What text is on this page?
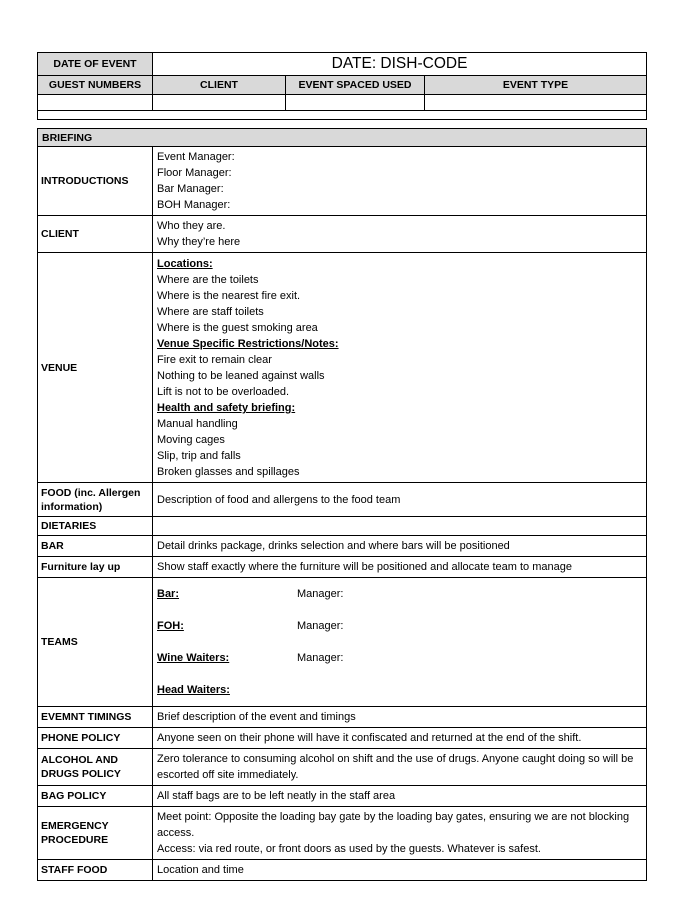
DATE OF EVENT	DATE: DISH-CODE		
GUEST NUMBERS	CLIENT	EVENT SPACED USED	EVENT TYPE

BRIEFING	
INTRODUCTIONS	Event Manager:
Floor Manager:
Bar Manager:
BOH Manager:

CLIENT	Who they are.
Why they’re here

VENUE	
Locations:
Where are the toilets
Where is the nearest fire exit.
Where are staff toilets
Where is the guest smoking area
Venue Specific Restrictions/Notes:
Fire exit to remain clear
Nothing to be leaned against walls
Lift is not to be overloaded.
Health and safety briefing:
Manual handling
Moving cages
Slip, trip and falls
Broken glasses and spillages

FOOD (inc. Allergen information)	Description of food and allergens to the food team

DIETARIES	
BAR	Detail drinks package, drinks selection and where bars will be positioned

Furniture lay up	Show staff exactly where the furniture will be positioned and allocate team to manage

TEAMS	Bar: Manager:
FOH: Manager:
Wine Waiters: Manager:
Head Waiters:

EVEMNT TIMINGS	Brief description of the event and timings

PHONE POLICY	Anyone seen on their phone will have it confiscated and returned at the end of the shift.

ALCOHOL AND DRUGS POLICY	Zero tolerance to consuming alcohol on shift and the use of drugs. Anyone caught doing so will be escorted off site immediately.

BAG POLICY	All staff bags are to be left neatly in the staff area

EMERGENCY PROCEDURE	Meet point: Opposite the loading bay gate by the loading bay gates, ensuring we are not blocking access.
Access: via red route, or front doors as used by the guests. Whatever is safest.

STAFF FOOD	Location and time
